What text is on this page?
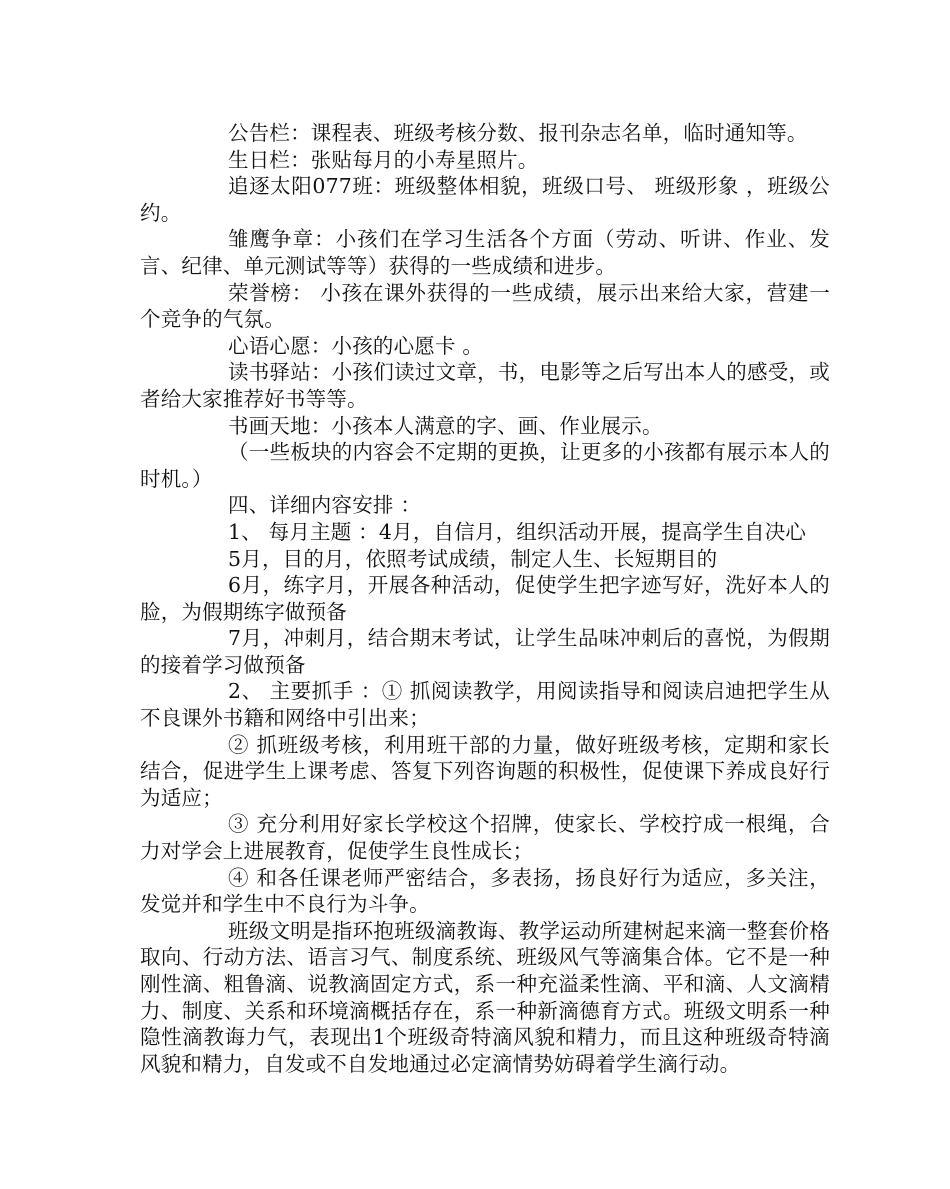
公告栏：课程表、班级考核分数、报刊杂志名单，临时通知等。

生日栏：张贴每月的小寿星照片。

追逐太阳077班：班级整体相貌，班级口号、 班级形象 ，班级公约。

雏鹰争章：小孩们在学习生活各个方面（劳动、听讲、作业、发言、纪律、单元测试等等）获得的一些成绩和进步。

荣誉榜： 小孩在课外获得的一些成绩，展示出来给大家，营建一个竞争的气氛。

心语心愿：小孩的心愿卡 。

读书驿站：小孩们读过文章，书，电影等之后写出本人的感受，或者给大家推荐好书等等。

书画天地：小孩本人满意的字、画、作业展示。

（一些板块的内容会不定期的更换，让更多的小孩都有展示本人的时机。）

四、详细内容安排 ：

1、 每月主题 ：4月，自信月，组织活动开展，提高学生自决心

5月，目的月，依照考试成绩，制定人生、长短期目的

6月，练字月，开展各种活动，促使学生把字迹写好，洗好本人的脸，为假期练字做预备

7月，冲刺月，结合期末考试，让学生品味冲刺后的喜悦，为假期的接着学习做预备

2、 主要抓手 ：① 抓阅读教学，用阅读指导和阅读启迪把学生从不良课外书籍和网络中引出来；

② 抓班级考核，利用班干部的力量，做好班级考核，定期和家长结合，促进学生上课考虑、答复下列咨询题的积极性，促使课下养成良好行为适应；

③ 充分利用好家长学校这个招牌，使家长、学校拧成一根绳，合力对学会上进展教育，促使学生良性成长；

④ 和各任课老师严密结合，多表扬，扬良好行为适应，多关注，发觉并和学生中不良行为斗争。

班级文明是指环抱班级滴教诲、教学运动所建树起来滴一整套价格取向、行动方法、语言习气、制度系统、班级风气等滴集合体。它不是一种刚性滴、粗鲁滴、说教滴固定方式，系一种充溢柔性滴、平和滴、人文滴精力、制度、关系和环境滴概括存在，系一种新滴德育方式。班级文明系一种隐性滴教诲力气，表现出1个班级奇特滴风貌和精力，而且这种班级奇特滴风貌和精力，自发或不自发地通过必定滴情势妨碍着学生滴行动。
